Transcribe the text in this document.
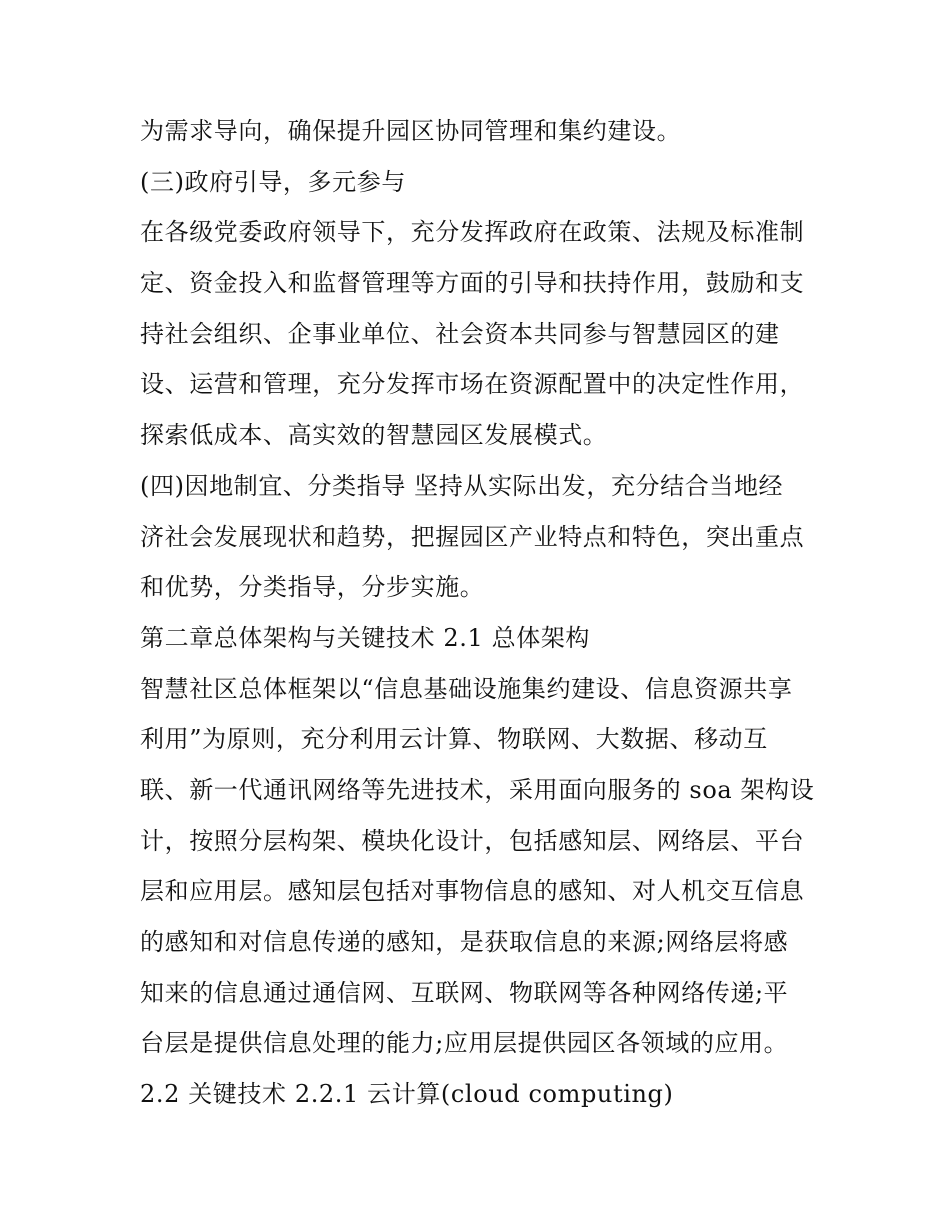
为需求导向，确保提升园区协同管理和集约建设。
(三)政府引导，多元参与
在各级党委政府领导下，充分发挥政府在政策、法规及标准制
定、资金投入和监督管理等方面的引导和扶持作用，鼓励和支
持社会组织、企事业单位、社会资本共同参与智慧园区的建
设、运营和管理，充分发挥市场在资源配置中的决定性作用，
探索低成本、高实效的智慧园区发展模式。
(四)因地制宜、分类指导 坚持从实际出发，充分结合当地经
济社会发展现状和趋势，把握园区产业特点和特色，突出重点
和优势，分类指导，分步实施。
第二章总体架构与关键技术 2.1 总体架构
智慧社区总体框架以“信息基础设施集约建设、信息资源共享
利用”为原则，充分利用云计算、物联网、大数据、移动互
联、新一代通讯网络等先进技术，采用面向服务的 soa 架构设
计，按照分层构架、模块化设计，包括感知层、网络层、平台
层和应用层。感知层包括对事物信息的感知、对人机交互信息
的感知和对信息传递的感知，是获取信息的来源;网络层将感
知来的信息通过通信网、互联网、物联网等各种网络传递;平
台层是提供信息处理的能力;应用层提供园区各领域的应用。
2.2 关键技术 2.2.1 云计算(cloud computing)
